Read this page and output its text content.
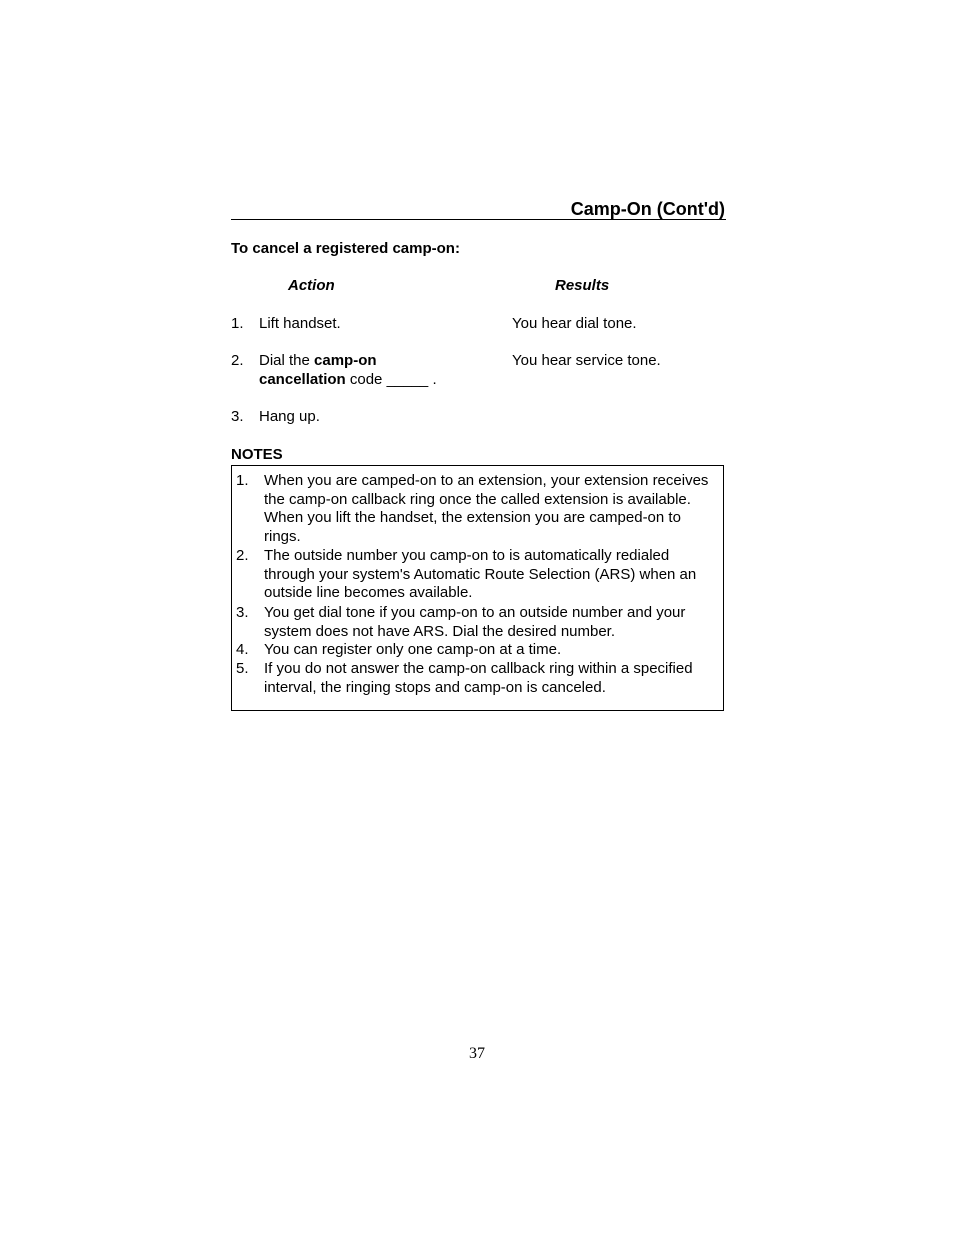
Camp-On (Cont'd)
To cancel a registered camp-on:
Action	Results
1. Lift handset.	You hear dial tone.
2. Dial the camp-on
cancellation code _____ .
You hear service tone.
3. Hang up.
NOTES
1. When you are camped-on to an extension, your extension receives the camp-on callback ring once the called extension is available. When you lift the handset, the extension you are camped-on to rings.
2. The outside number you camp-on to is automatically redialed through your system's Automatic Route Selection (ARS) when an outside line becomes available.
3. You get dial tone if you camp-on to an outside number and your system does not have ARS. Dial the desired number.
4. You can register only one camp-on at a time.
5. If you do not answer the camp-on callback ring within a specified interval, the ringing stops and camp-on is canceled.
37
